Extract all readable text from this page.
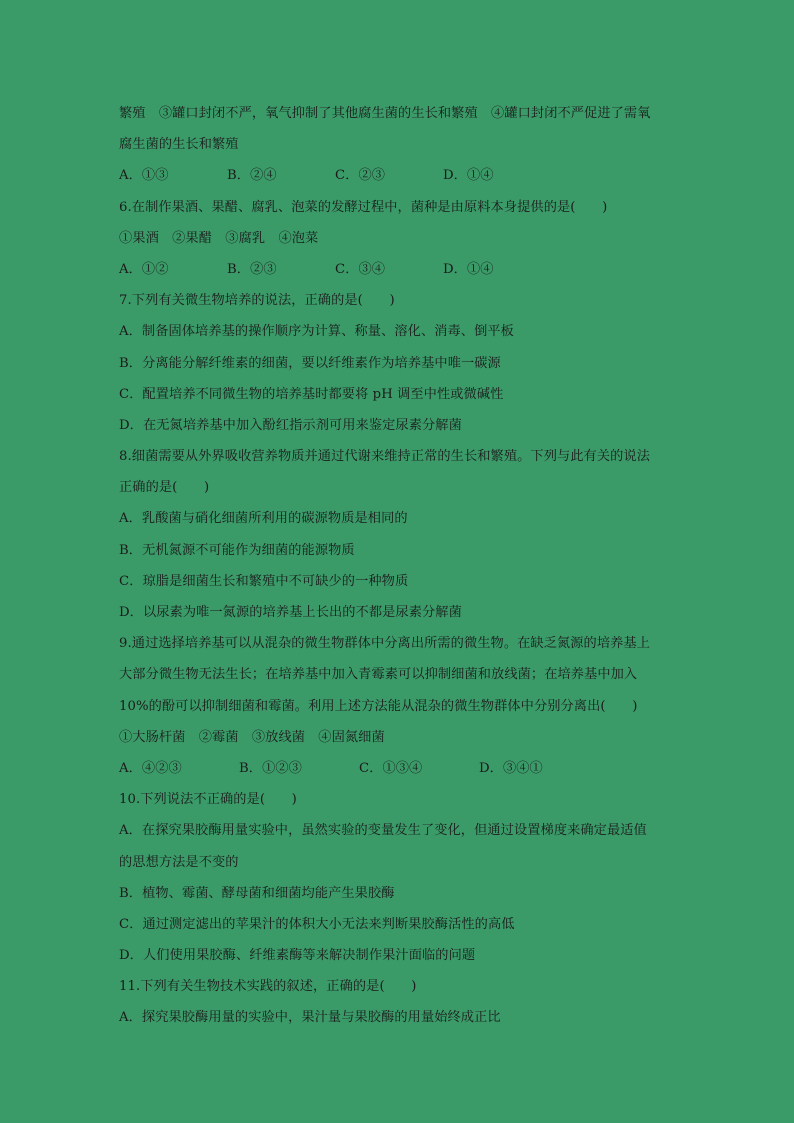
繁殖　③罐口封闭不严，氧气抑制了其他腐生菌的生长和繁殖　④罐口封闭不严促进了需氧
腐生菌的生长和繁殖
A．①③	B．②④	C．②③	D．①④
6.在制作果酒、果醋、腐乳、泡菜的发酵过程中，菌种是由原料本身提供的是(　　)
①果酒　②果醋　③腐乳　④泡菜
A．①②	B．②③	C．③④	D．①④
7.下列有关微生物培养的说法，正确的是(　　)
A．制备固体培养基的操作顺序为计算、称量、溶化、消毒、倒平板
B．分离能分解纤维素的细菌，要以纤维素作为培养基中唯一碳源
C．配置培养不同微生物的培养基时都要将 pH 调至中性或微碱性
D．在无氮培养基中加入酚红指示剂可用来鉴定尿素分解菌
8.细菌需要从外界吸收营养物质并通过代谢来维持正常的生长和繁殖。下列与此有关的说法
正确的是(　　)
A．乳酸菌与硝化细菌所利用的碳源物质是相同的
B．无机氮源不可能作为细菌的能源物质
C．琼脂是细菌生长和繁殖中不可缺少的一种物质
D．以尿素为唯一氮源的培养基上长出的不都是尿素分解菌
9.通过选择培养基可以从混杂的微生物群体中分离出所需的微生物。在缺乏氮源的培养基上
大部分微生物无法生长；在培养基中加入青霉素可以抑制细菌和放线菌；在培养基中加入
10%的酚可以抑制细菌和霉菌。利用上述方法能从混杂的微生物群体中分别分离出(　　)
①大肠杆菌　②霉菌　③放线菌　④固氮细菌
A．④②③	B．①②③	C．①③④	D．③④①
10.下列说法不正确的是(　　)
A．在探究果胶酶用量实验中，虽然实验的变量发生了变化，但通过设置梯度来确定最适值
的思想方法是不变的
B．植物、霉菌、酵母菌和细菌均能产生果胶酶
C．通过测定滤出的苹果汁的体积大小无法来判断果胶酶活性的高低
D．人们使用果胶酶、纤维素酶等来解决制作果汁面临的问题
11.下列有关生物技术实践的叙述，正确的是(　　)
A．探究果胶酶用量的实验中，果汁量与果胶酶的用量始终成正比
